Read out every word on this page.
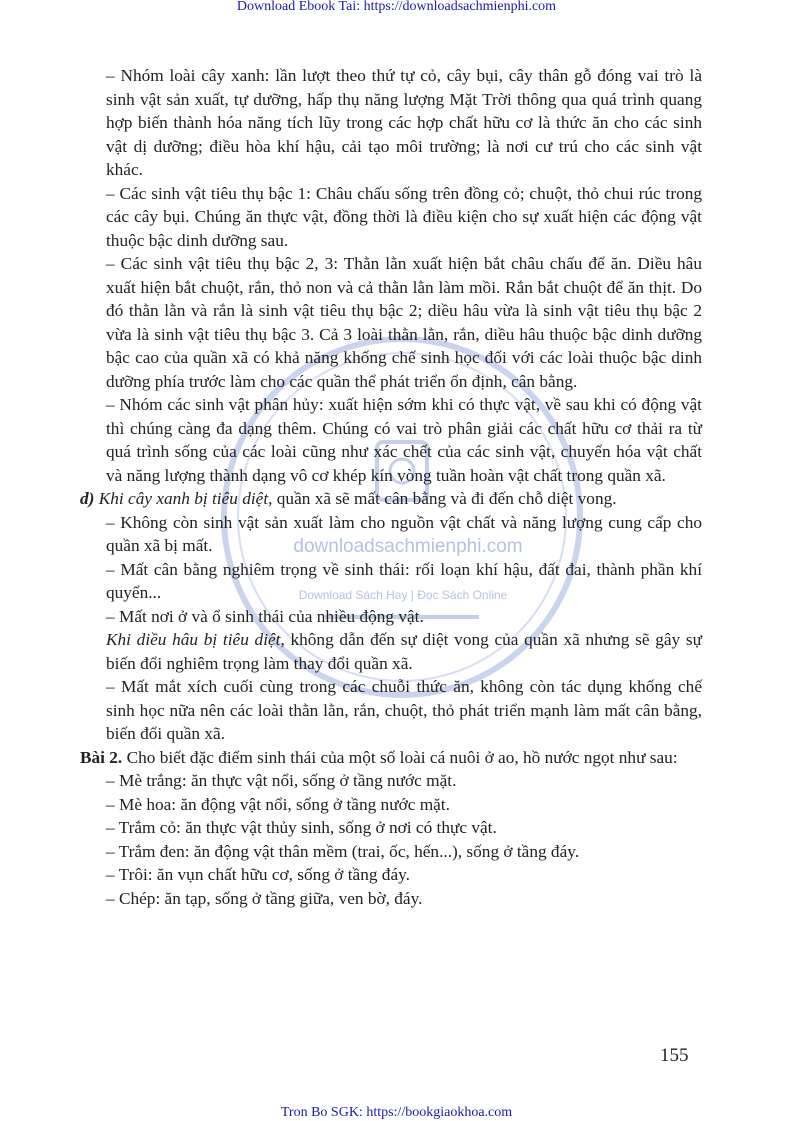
Download Ebook Tai: https://downloadsachmienphi.com
downloadsachmienphi.com
Download Sách Hay | Đọc Sách Online

– Nhóm loài cây xanh: lần lượt theo thứ tự cỏ, cây bụi, cây thân gỗ đóng vai trò là sinh vật sản xuất, tự dưỡng, hấp thụ năng lượng Mặt Trời thông qua quá trình quang hợp biến thành hóa năng tích lũy trong các hợp chất hữu cơ là thức ăn cho các sinh vật dị dưỡng; điều hòa khí hậu, cải tạo môi trường; là nơi cư trú cho các sinh vật khác.

– Các sinh vật tiêu thụ bậc 1: Châu chấu sống trên đồng cỏ; chuột, thỏ chui rúc trong các cây bụi. Chúng ăn thực vật, đồng thời là điều kiện cho sự xuất hiện các động vật thuộc bậc dinh dưỡng sau.

– Các sinh vật tiêu thụ bậc 2, 3: Thằn lằn xuất hiện bắt châu chấu để ăn. Diều hâu xuất hiện bắt chuột, rắn, thỏ non và cả thằn lằn làm mồi. Rắn bắt chuột để ăn thịt. Do đó thằn lằn và rắn là sinh vật tiêu thụ bậc 2; diều hâu vừa là sinh vật tiêu thụ bậc 2 vừa là sinh vật tiêu thụ bậc 3. Cả 3 loài thằn lằn, rắn, diều hâu thuộc bậc dinh dưỡng bậc cao của quần xã có khả năng khống chế sinh học đối với các loài thuộc bậc dinh dưỡng phía trước làm cho các quần thể phát triển ổn định, cân bằng.

– Nhóm các sinh vật phân hủy: xuất hiện sớm khi có thực vật, về sau khi có động vật thì chúng càng đa dạng thêm. Chúng có vai trò phân giải các chất hữu cơ thải ra từ quá trình sống của các loài cũng như xác chết của các sinh vật, chuyển hóa vật chất và năng lượng thành dạng vô cơ khép kín vòng tuần hoàn vật chất trong quần xã.

d) Khi cây xanh bị tiêu diệt, quần xã sẽ mất cân bằng và đi đến chỗ diệt vong.

– Không còn sinh vật sản xuất làm cho nguồn vật chất và năng lượng cung cấp cho quần xã bị mất.

– Mất cân bằng nghiêm trọng về sinh thái: rối loạn khí hậu, đất đai, thành phần khí quyển...

– Mất nơi ở và ổ sinh thái của nhiều động vật.

Khi diều hâu bị tiêu diệt, không dẫn đến sự diệt vong của quần xã nhưng sẽ gây sự biến đổi nghiêm trọng làm thay đổi quần xã.

– Mất mắt xích cuối cùng trong các chuỗi thức ăn, không còn tác dụng khống chế sinh học nữa nên các loài thằn lằn, rắn, chuột, thỏ phát triển mạnh làm mất cân bằng, biến đổi quần xã.

Bài 2. Cho biết đặc điểm sinh thái của một số loài cá nuôi ở ao, hồ nước ngọt như sau:

– Mè trắng: ăn thực vật nổi, sống ở tầng nước mặt.

– Mè hoa: ăn động vật nổi, sống ở tầng nước mặt.

– Trắm cỏ: ăn thực vật thủy sinh, sống ở nơi có thực vật.

– Trắm đen: ăn động vật thân mềm (trai, ốc, hến...), sống ở tầng đáy.

– Trôi: ăn vụn chất hữu cơ, sống ở tầng đáy.

– Chép: ăn tạp, sống ở tầng giữa, ven bờ, đáy.

155
Tron Bo SGK: https://bookgiaokhoa.com
